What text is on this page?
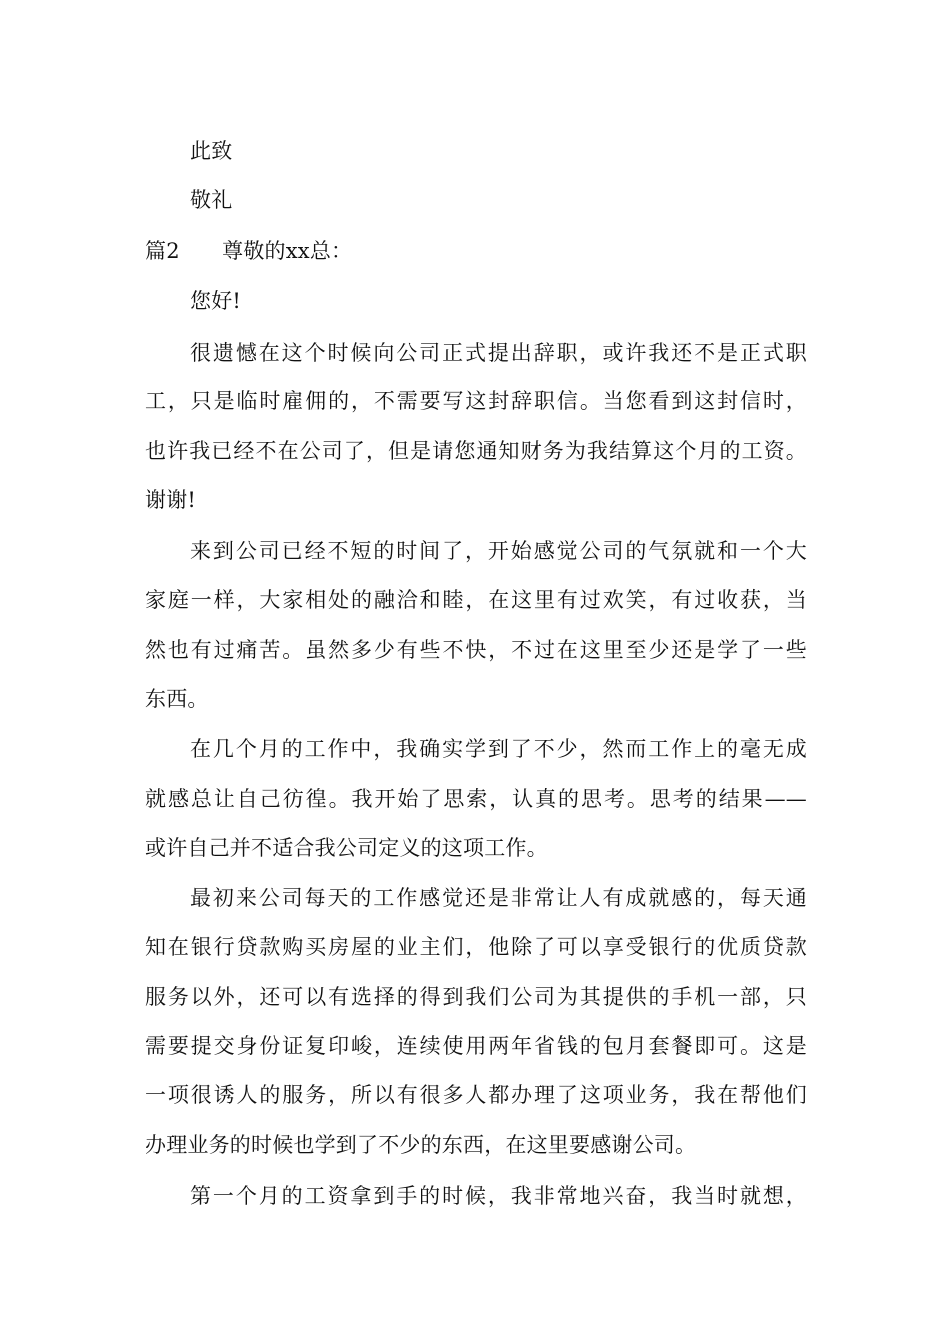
此致
敬礼
篇2　　尊敬的xx总：
您好!
很遗憾在这个时候向公司正式提出辞职，或许我还不是正式职
工，只是临时雇佣的，不需要写这封辞职信。当您看到这封信时，
也许我已经不在公司了，但是请您通知财务为我结算这个月的工资。
谢谢!
来到公司已经不短的时间了，开始感觉公司的气氛就和一个大
家庭一样，大家相处的融洽和睦，在这里有过欢笑，有过收获，当
然也有过痛苦。虽然多少有些不快，不过在这里至少还是学了一些
东西。
在几个月的工作中，我确实学到了不少，然而工作上的毫无成
就感总让自己彷徨。我开始了思索，认真的思考。思考的结果——
或许自己并不适合我公司定义的这项工作。
最初来公司每天的工作感觉还是非常让人有成就感的，每天通
知在银行贷款购买房屋的业主们，他除了可以享受银行的优质贷款
服务以外，还可以有选择的得到我们公司为其提供的手机一部，只
需要提交身份证复印峻，连续使用两年省钱的包月套餐即可。这是
一项很诱人的服务，所以有很多人都办理了这项业务，我在帮他们
办理业务的时候也学到了不少的东西，在这里要感谢公司。
第一个月的工资拿到手的时候，我非常地兴奋，我当时就想，
